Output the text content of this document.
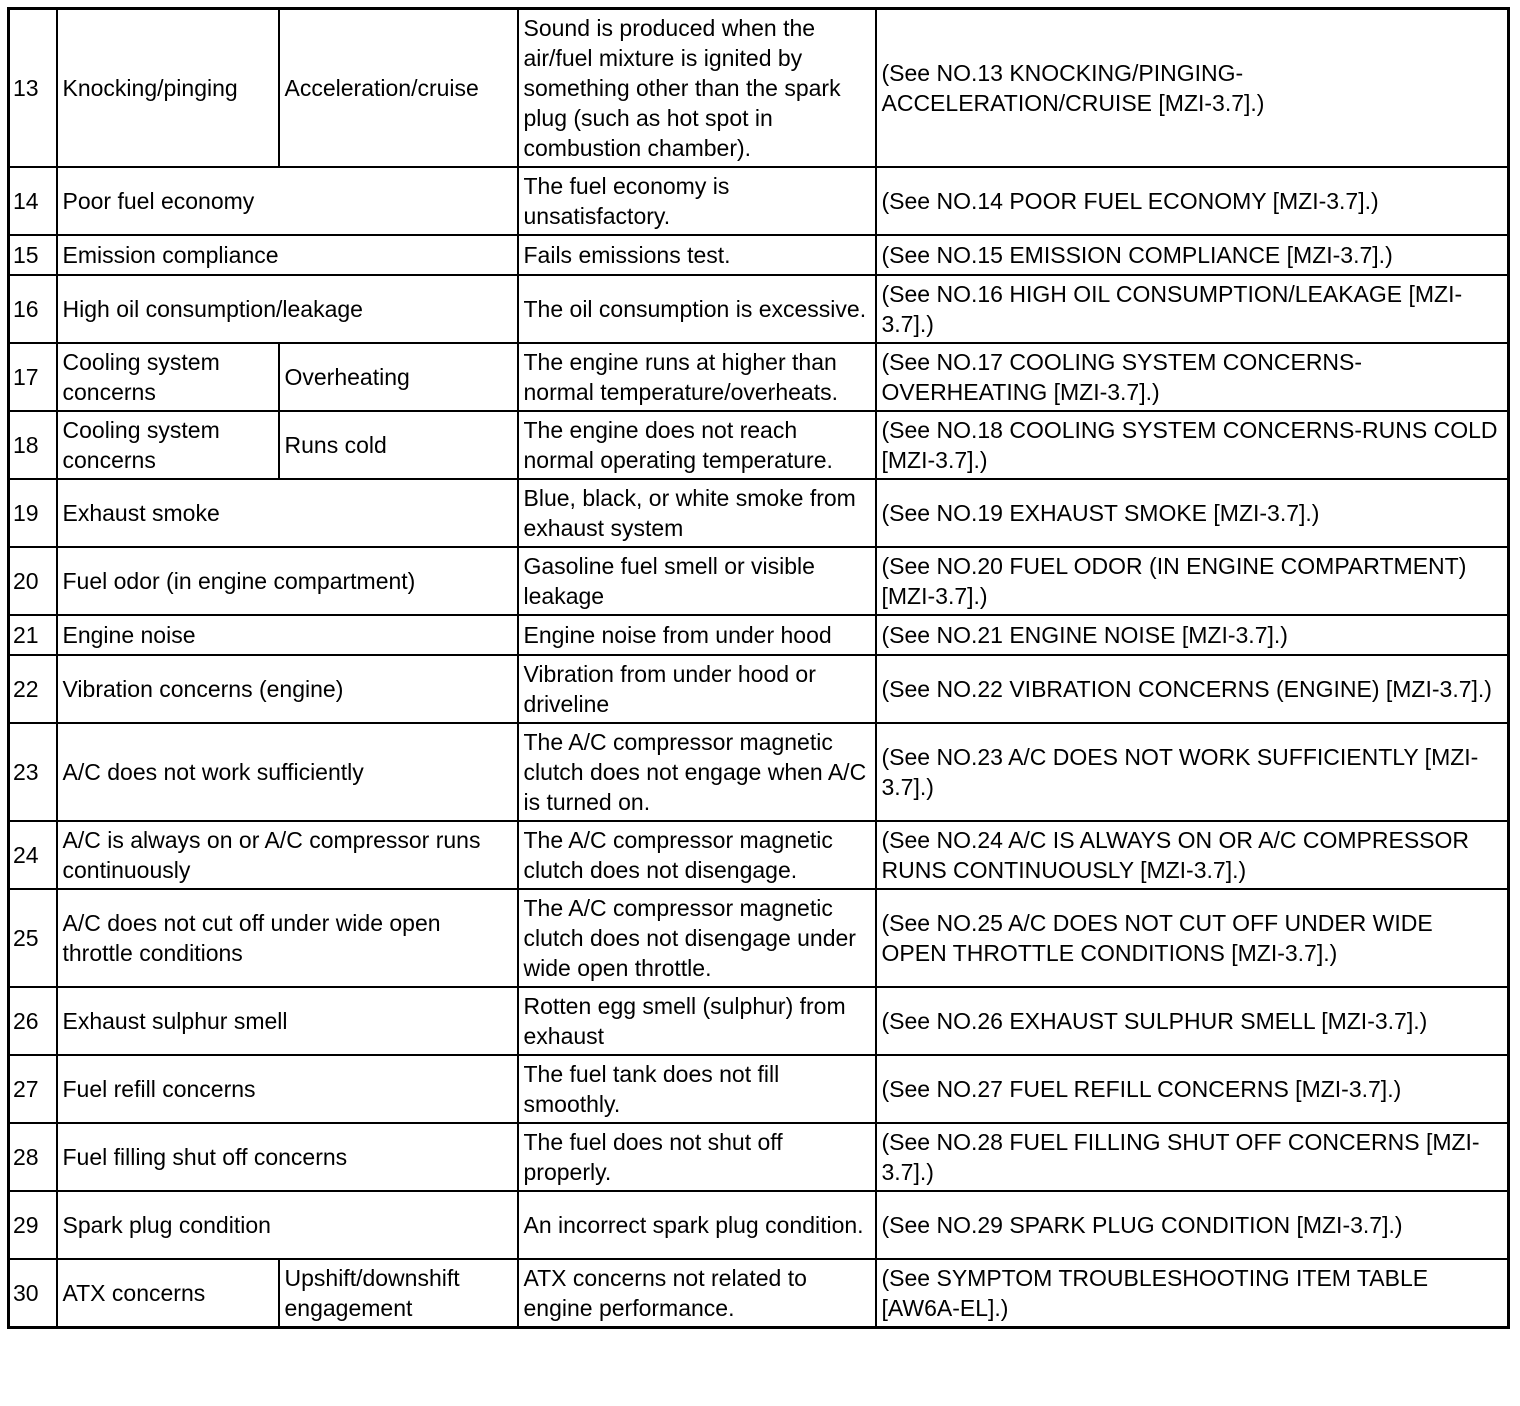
13	Knocking/pinging	Acceleration/cruise	Sound is produced when the air/fuel mixture is ignited by something other than the spark plug (such as hot spot in combustion chamber).	(See NO.13 KNOCKING/PINGING-ACCELERATION/CRUISE [MZI-3.7].)
14	Poor fuel economy		The fuel economy is unsatisfactory.	(See NO.14 POOR FUEL ECONOMY [MZI-3.7].)
15	Emission compliance		Fails emissions test.	(See NO.15 EMISSION COMPLIANCE [MZI-3.7].)
16	High oil consumption/leakage		The oil consumption is excessive.	(See NO.16 HIGH OIL CONSUMPTION/LEAKAGE [MZI-3.7].)
17	Cooling system concerns	Overheating	The engine runs at higher than normal temperature/overheats.	(See NO.17 COOLING SYSTEM CONCERNS-OVERHEATING [MZI-3.7].)
18	Cooling system concerns	Runs cold	The engine does not reach normal operating temperature.	(See NO.18 COOLING SYSTEM CONCERNS-RUNS COLD [MZI-3.7].)
19	Exhaust smoke		Blue, black, or white smoke from exhaust system	(See NO.19 EXHAUST SMOKE [MZI-3.7].)
20	Fuel odor (in engine compartment)		Gasoline fuel smell or visible leakage	(See NO.20 FUEL ODOR (IN ENGINE COMPARTMENT) [MZI-3.7].)
21	Engine noise		Engine noise from under hood	(See NO.21 ENGINE NOISE [MZI-3.7].)
22	Vibration concerns (engine)		Vibration from under hood or driveline	(See NO.22 VIBRATION CONCERNS (ENGINE) [MZI-3.7].)
23	A/C does not work sufficiently		The A/C compressor magnetic clutch does not engage when A/C is turned on.	(See NO.23 A/C DOES NOT WORK SUFFICIENTLY [MZI-3.7].)
24	A/C is always on or A/C compressor runs continuously		The A/C compressor magnetic clutch does not disengage.	(See NO.24 A/C IS ALWAYS ON OR A/C COMPRESSOR RUNS CONTINUOUSLY [MZI-3.7].)
25	A/C does not cut off under wide open throttle conditions		The A/C compressor magnetic clutch does not disengage under wide open throttle.	(See NO.25 A/C DOES NOT CUT OFF UNDER WIDE OPEN THROTTLE CONDITIONS [MZI-3.7].)
26	Exhaust sulphur smell		Rotten egg smell (sulphur) from exhaust	(See NO.26 EXHAUST SULPHUR SMELL [MZI-3.7].)
27	Fuel refill concerns		The fuel tank does not fill smoothly.	(See NO.27 FUEL REFILL CONCERNS [MZI-3.7].)
28	Fuel filling shut off concerns		The fuel does not shut off properly.	(See NO.28 FUEL FILLING SHUT OFF CONCERNS [MZI-3.7].)
29	Spark plug condition		An incorrect spark plug condition.	(See NO.29 SPARK PLUG CONDITION [MZI-3.7].)
30	ATX concerns	Upshift/downshift engagement	ATX concerns not related to engine performance.	(See SYMPTOM TROUBLESHOOTING ITEM TABLE [AW6A-EL].)
